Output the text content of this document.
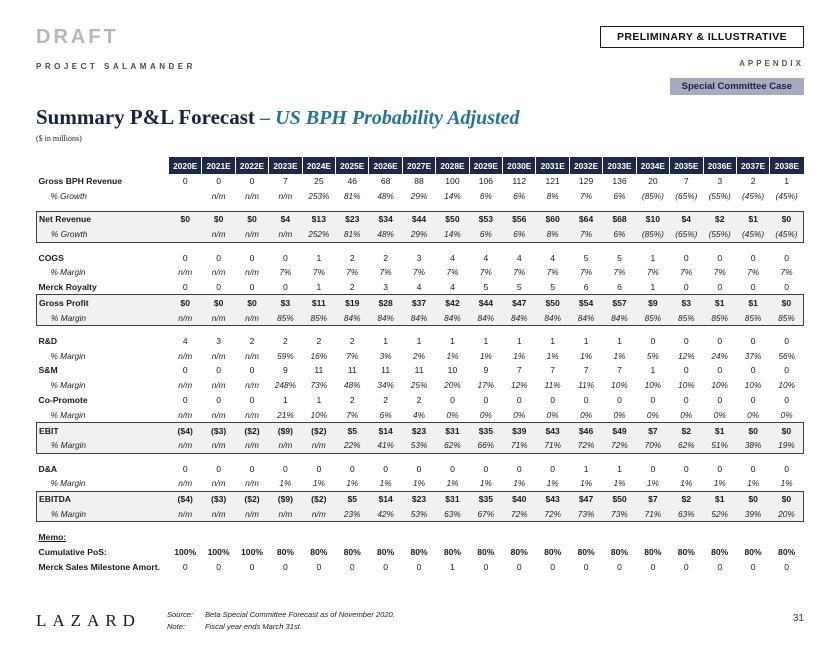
DRAFT
PROJECT SALAMANDER
PRELIMINARY & ILLUSTRATIVE
APPENDIX
Special Committee Case
Summary P&L Forecast – US BPH Probability Adjusted
($ in millions)
	2020E	2021E	2022E	2023E	2024E	2025E	2026E	2027E	2028E	2029E	2030E	2031E	2032E	2033E	2034E	2035E	2036E	2037E	2038E
Gross BPH Revenue	0	0	0	7	25	46	68	88	100	106	112	121	129	136	20	7	3	2	1
% Growth		n/m	n/m	n/m	253%	81%	48%	29%	14%	6%	6%	8%	7%	6%	(85%)	(65%)	(55%)	(45%)	(45%)

Net Revenue	$0	$0	$0	$4	$13	$23	$34	$44	$50	$53	$56	$60	$64	$68	$10	$4	$2	$1	$0
% Growth		n/m	n/m	n/m	252%	81%	48%	29%	14%	6%	6%	8%	7%	6%	(85%)	(65%)	(55%)	(45%)	(45%)

COGS	0	0	0	0	1	2	2	3	4	4	4	4	5	5	1	0	0	0	0
% Margin	n/m	n/m	n/m	7%	7%	7%	7%	7%	7%	7%	7%	7%	7%	7%	7%	7%	7%	7%	7%
Merck Royalty	0	0	0	0	1	2	3	4	4	5	5	5	6	6	1	0	0	0	0
Gross Profit	$0	$0	$0	$3	$11	$19	$28	$37	$42	$44	$47	$50	$54	$57	$9	$3	$1	$1	$0
% Margin	n/m	n/m	n/m	85%	85%	84%	84%	84%	84%	84%	84%	84%	84%	84%	85%	85%	85%	85%	85%

R&D	4	3	2	2	2	2	1	1	1	1	1	1	1	1	0	0	0	0	0
% Margin	n/m	n/m	n/m	59%	16%	7%	3%	2%	1%	1%	1%	1%	1%	1%	5%	12%	24%	37%	56%
S&M	0	0	0	9	11	11	11	11	10	9	7	7	7	7	1	0	0	0	0
% Margin	n/m	n/m	n/m	248%	73%	48%	34%	25%	20%	17%	12%	11%	11%	10%	10%	10%	10%	10%	10%
Co-Promote	0	0	0	1	1	2	2	2	0	0	0	0	0	0	0	0	0	0	0
% Margin	n/m	n/m	n/m	21%	10%	7%	6%	4%	0%	0%	0%	0%	0%	0%	0%	0%	0%	0%	0%
EBIT	($4)	($3)	($2)	($9)	($2)	$5	$14	$23	$31	$35	$39	$43	$46	$49	$7	$2	$1	$0	$0
% Margin	n/m	n/m	n/m	n/m	n/m	22%	41%	53%	62%	66%	71%	71%	72%	72%	70%	62%	51%	38%	19%

D&A	0	0	0	0	0	0	0	0	0	0	0	0	1	1	0	0	0	0	0
% Margin	n/m	n/m	n/m	1%	1%	1%	1%	1%	1%	1%	1%	1%	1%	1%	1%	1%	1%	1%	1%
EBITDA	($4)	($3)	($2)	($9)	($2)	$5	$14	$23	$31	$35	$40	$43	$47	$50	$7	$2	$1	$0	$0
% Margin	n/m	n/m	n/m	n/m	n/m	23%	42%	53%	63%	67%	72%	72%	73%	73%	71%	63%	52%	39%	20%

Memo:																			
Cumulative PoS:	100%	100%	100%	80%	80%	80%	80%	80%	80%	80%	80%	80%	80%	80%	80%	80%	80%	80%	80%
Merck Sales Milestone Amort.	0	0	0	0	0	0	0	0	1	0	0	0	0	0	0	0	0	0	0
LAZARD	Source: Beta Special Committee Forecast as of November 2020.
Note:	Fiscal year ends March 31st.
31
